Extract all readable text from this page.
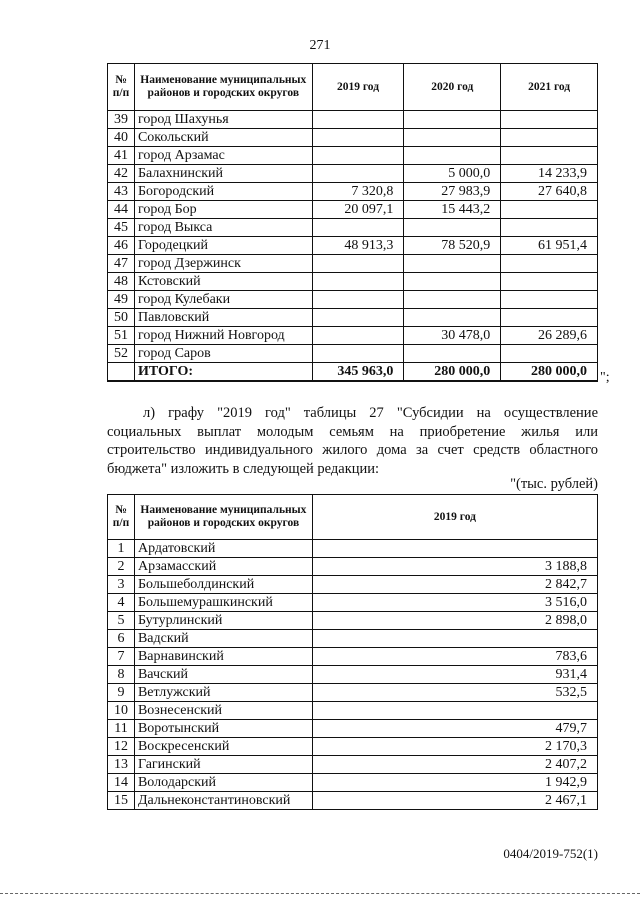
271
№ п/п	Наименование муниципальных районов и городских округов	2019 год	2020 год	2021 год
39	город Шахунья			
40	Сокольский			
41	город Арзамас			
42	Балахнинский		5 000,0	14 233,9
43	Богородский	7 320,8	27 983,9	27 640,8
44	город Бор	20 097,1	15 443,2	
45	город Выкса			
46	Городецкий	48 913,3	78 520,9	61 951,4
47	город Дзержинск			
48	Кстовский			
49	город Кулебаки			
50	Павловский			
51	город Нижний Новгород		30 478,0	26 289,6
52	город Саров			
	ИТОГО:	345 963,0	280 000,0	280 000,0 ";
л) графу "2019 год" таблицы 27 "Субсидии на осуществление социальных выплат молодым семьям на приобретение жилья или строительство индивидуального жилого дома за счет средств областного бюджета" изложить в следующей редакции:
"(тыс. рублей)
№ п/п	Наименование муниципальных районов и городских округов	2019 год
1	Ардатовский	
2	Арзамасский	3 188,8
3	Большеболдинский	2 842,7
4	Большемурашкинский	3 516,0
5	Бутурлинский	2 898,0
6	Вадский	
7	Варнавинский	783,6
8	Вачский	931,4
9	Ветлужский	532,5
10	Вознесенский	
11	Воротынский	479,7
12	Воскресенский	2 170,3
13	Гагинский	2 407,2
14	Володарский	1 942,9
15	Дальнеконстантиновский	2 467,1
0404/2019-752(1)
